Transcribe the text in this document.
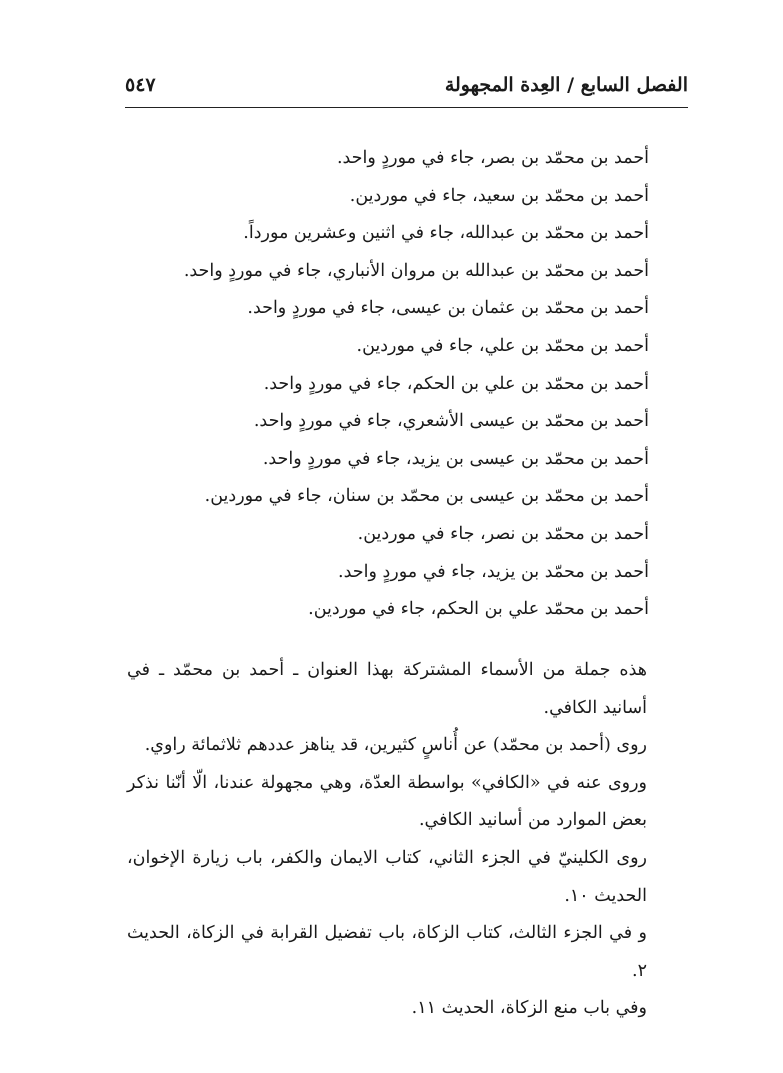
الفصل السابع / العِدة المجهولة
٥٤٧
أحمد بن محمّد بن بصر، جاء في موردٍ واحد.
أحمد بن محمّد بن سعيد، جاء في موردين.
أحمد بن محمّد بن عبدالله، جاء في اثنين وعشرين مورداً.
أحمد بن محمّد بن عبدالله بن مروان الأنباري، جاء في موردٍ واحد.
أحمد بن محمّد بن عثمان بن عيسى، جاء في موردٍ واحد.
أحمد بن محمّد بن علي، جاء في موردين.
أحمد بن محمّد بن علي بن الحكم، جاء في موردٍ واحد.
أحمد بن محمّد بن عيسى الأشعري، جاء في موردٍ واحد.
أحمد بن محمّد بن عيسى بن يزيد، جاء في موردٍ واحد.
أحمد بن محمّد بن عيسى بن محمّد بن سنان، جاء في موردين.
أحمد بن محمّد بن نصر، جاء في موردين.
أحمد بن محمّد بن يزيد، جاء في موردٍ واحد.
أحمد بن محمّد علي بن الحكم، جاء في موردين.

هذه جملة من الأسماء المشتركة بهذا العنوان ـ أحمد بن محمّد ـ في أسانيد الكافي.

روى (أحمد بن محمّد) عن أُناسٍ كثيرين، قد يناهز عددهم ثلاثمائة راوي.

وروى عنه في «الكافي» بواسطة العدّة، وهي مجهولة عندنا، الّا أنّنا نذكر بعض الموارد من أسانيد الكافي.

روى الكلينيّ في الجزء الثاني، كتاب الايمان والكفر، باب زيارة الإخوان، الحديث ١٠.

و في الجزء الثالث، كتاب الزكاة، باب تفضيل القرابة في الزكاة، الحديث ٢.

وفي باب منع الزكاة، الحديث ١١.
